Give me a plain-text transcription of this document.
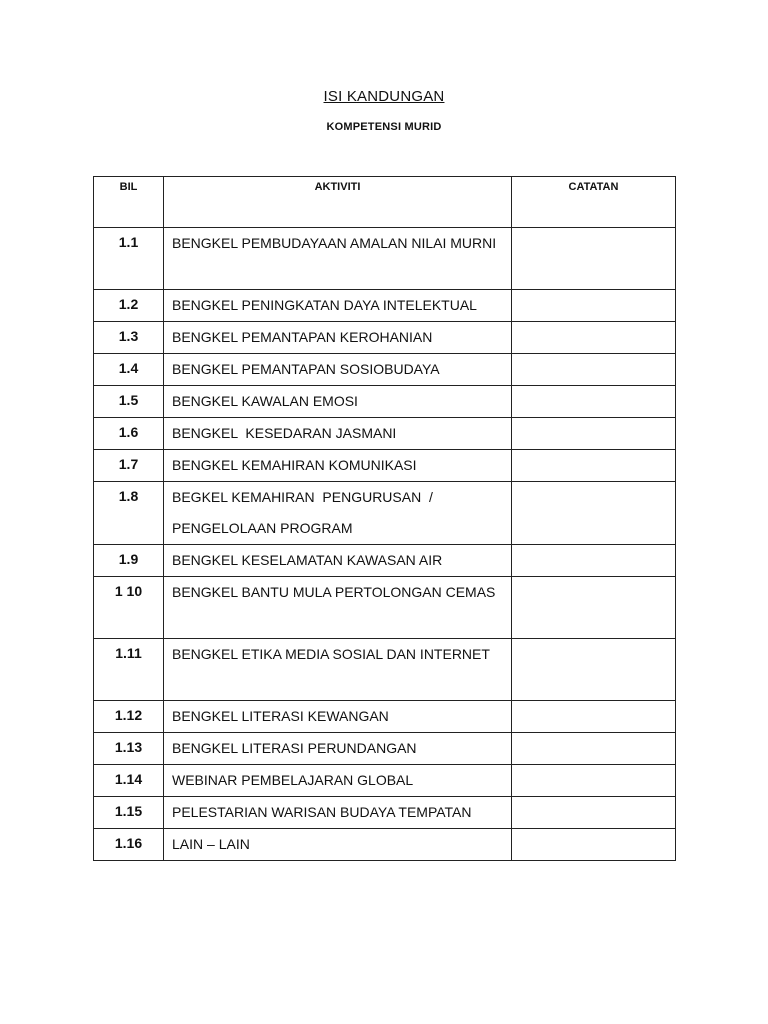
ISI KANDUNGAN
KOMPETENSI MURID
BIL	AKTIVITI	CATATAN
1.1	BENGKEL PEMBUDAYAAN AMALAN NILAI MURNI	
1.2	BENGKEL PENINGKATAN DAYA INTELEKTUAL	
1.3	BENGKEL PEMANTAPAN KEROHANIAN	
1.4	BENGKEL PEMANTAPAN SOSIOBUDAYA	
1.5	BENGKEL KAWALAN EMOSI	
1.6	BENGKEL  KESEDARAN JASMANI	
1.7	BENGKEL KEMAHIRAN KOMUNIKASI	
1.8	BEGKEL KEMAHIRAN  PENGURUSAN  / PENGELOLAAN PROGRAM	
1.9	BENGKEL KESELAMATAN KAWASAN AIR	
1 10	BENGKEL BANTU MULA PERTOLONGAN CEMAS	
1.11	BENGKEL ETIKA MEDIA SOSIAL DAN INTERNET	
1.12	BENGKEL LITERASI KEWANGAN	
1.13	BENGKEL LITERASI PERUNDANGAN	
1.14	WEBINAR PEMBELAJARAN GLOBAL	
1.15	PELESTARIAN WARISAN BUDAYA TEMPATAN	
1.16	LAIN – LAIN	
